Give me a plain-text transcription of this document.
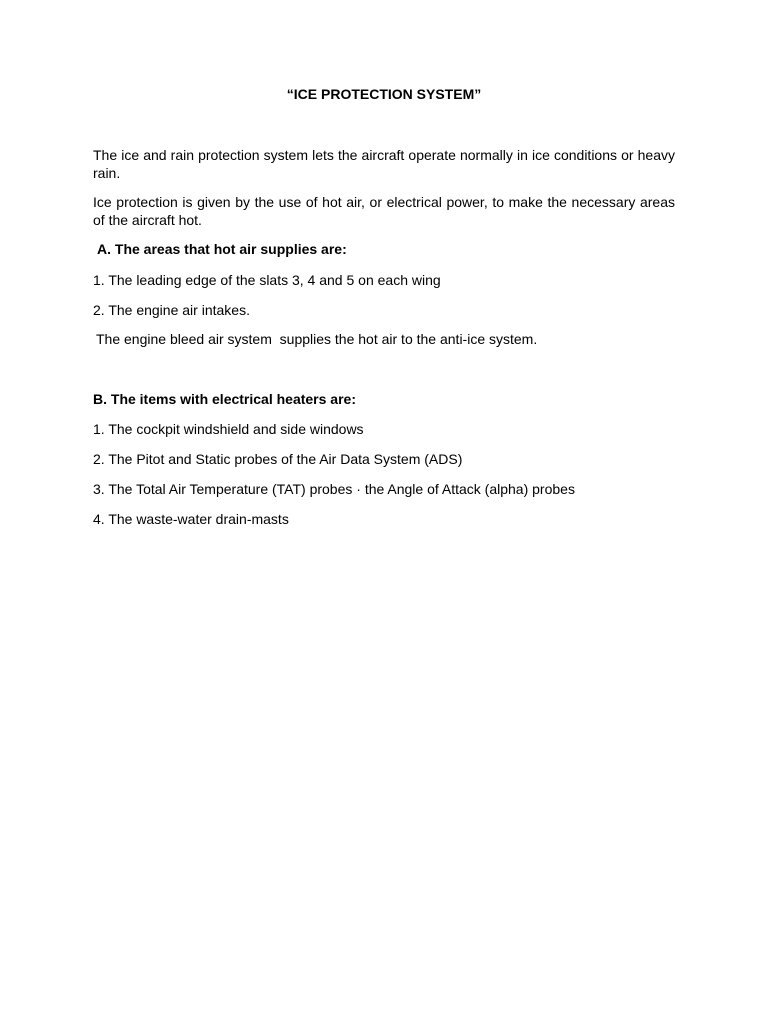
“ICE PROTECTION SYSTEM”

The ice and rain protection system lets the aircraft operate normally in ice conditions or heavy rain.

Ice protection is given by the use of hot air, or electrical power, to make the necessary areas of the aircraft hot.

A. The areas that hot air supplies are:

1. The leading edge of the slats 3, 4 and 5 on each wing

2. The engine air intakes.

The engine bleed air system  supplies the hot air to the anti-ice system.

B. The items with electrical heaters are:

1. The cockpit windshield and side windows

2. The Pitot and Static probes of the Air Data System (ADS)

3. The Total Air Temperature (TAT) probes · the Angle of Attack (alpha) probes

4. The waste-water drain-masts
